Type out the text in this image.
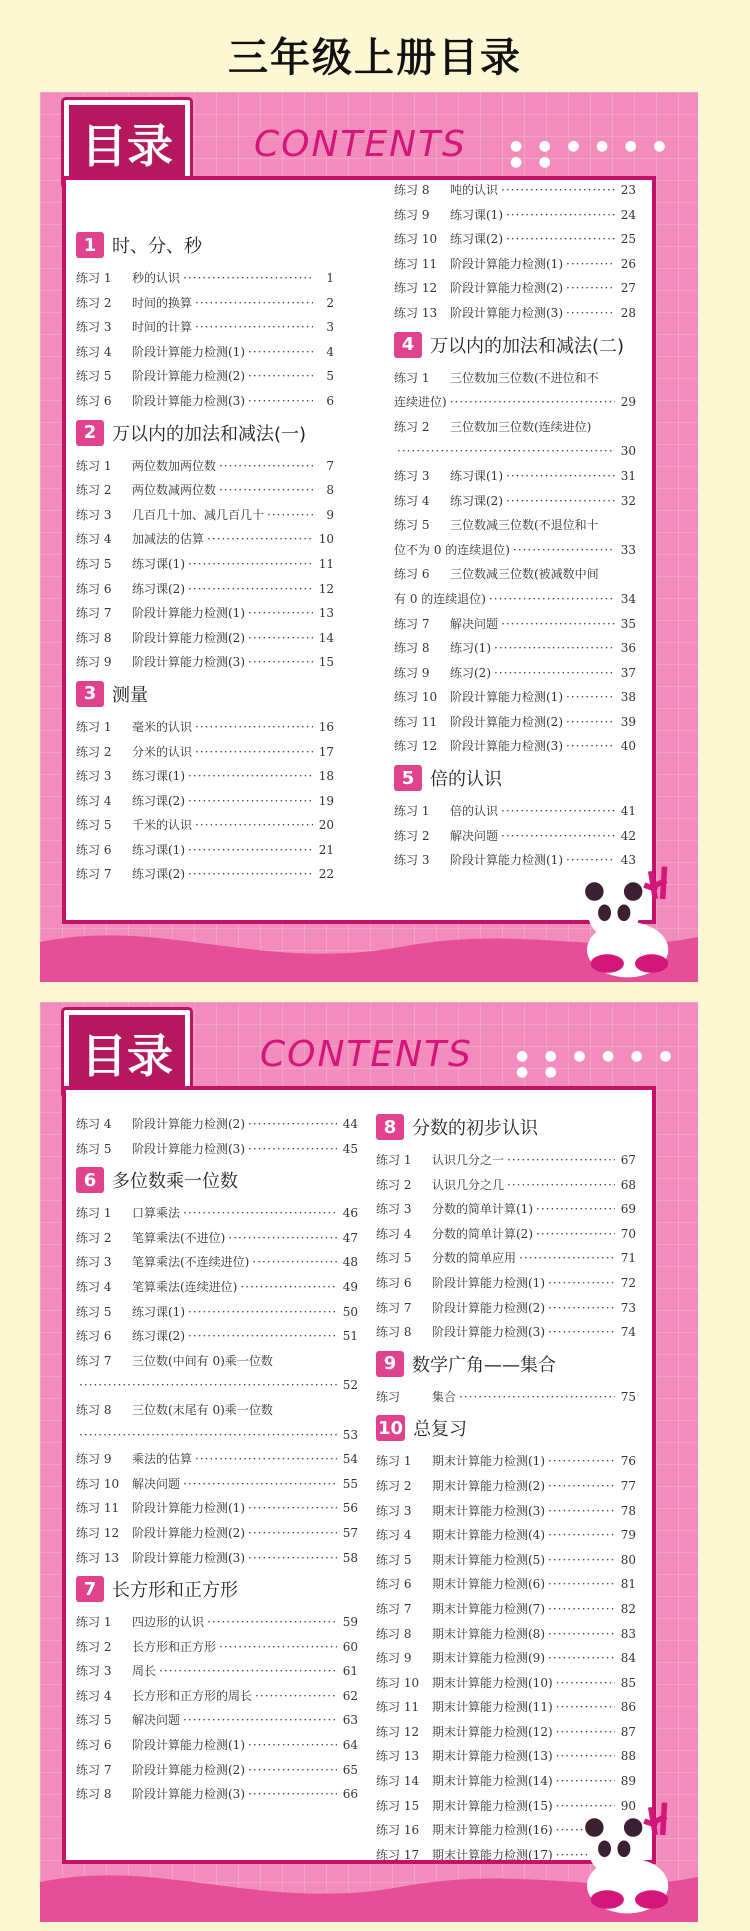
三年级上册目录
目录	CONTENTS	● ● ● ● ● ● ● ●
1 时、分、秒
练习 1	秒的认识 ·····	1
练习 2	时间的换算 ·····	2
练习 3	时间的计算 ·····	3
练习 4	阶段计算能力检测(1) ·····	4
练习 5	阶段计算能力检测(2) ·····	5
练习 6	阶段计算能力检测(3) ·····	6
2 万以内的加法和减法(一)
练习 1	两位数加两位数 ·····	7
练习 2	两位数减两位数 ·····	8
练习 3	几百几十加、减几百几十 ·····	9
练习 4	加减法的估算 ·····	10
练习 5	练习课(1) ·····	11
练习 6	练习课(2) ·····	12
练习 7	阶段计算能力检测(1) ·····	13
练习 8	阶段计算能力检测(2) ·····	14
练习 9	阶段计算能力检测(3) ·····	15
3 测量
练习 1	毫米的认识 ·····	16
练习 2	分米的认识 ·····	17
练习 3	练习课(1) ·····	18
练习 4	练习课(2) ·····	19
练习 5	千米的认识 ·····	20
练习 6	练习课(1) ·····	21
练习 7	练习课(2) ·····	22
练习 8	吨的认识 ·····	23
练习 9	练习课(1) ·····	24
练习 10	练习课(2) ·····	25
练习 11	阶段计算能力检测(1) ·····	26
练习 12	阶段计算能力检测(2) ·····	27
练习 13	阶段计算能力检测(3) ·····	28
4 万以内的加法和减法(二)
练习 1	三位数加三位数(不进位和不
连续进位) ·····	29
练习 2	三位数加三位数(连续进位)
·····
30
练习 3	练习课(1) ·····	31
练习 4	练习课(2) ·····	32
练习 5	三位数减三位数(不退位和十
位不为 0 的连续退位) ·····	33
练习 6	三位数减三位数(被减数中间
有 0 的连续退位) ·····	34
练习 7	解决问题 ·····	35
练习 8	练习(1) ·····	36
练习 9	练习(2) ·····	37
练习 10	阶段计算能力检测(1) ·····	38
练习 11	阶段计算能力检测(2) ·····	39
练习 12	阶段计算能力检测(3) ·····	40
5 倍的认识
练习 1	倍的认识 ·····	41
练习 2	解决问题 ·····	42
练习 3	阶段计算能力检测(1) ·····	43
目录	CONTENTS	● ● ● ● ● ● ● ●
练习 4	阶段计算能力检测(2) ·····	44
练习 5	阶段计算能力检测(3) ·····	45
6 多位数乘一位数
练习 1	口算乘法 ·····	46
练习 2	笔算乘法(不进位) ·····	47
练习 3	笔算乘法(不连续进位) ·····	48
练习 4	笔算乘法(连续进位) ·····	49
练习 5	练习课(1) ·····	50
练习 6	练习课(2) ·····	51
练习 7	三位数(中间有 0)乘一位数
·····
52
练习 8	三位数(末尾有 0)乘一位数
·····
53
练习 9	乘法的估算 ·····	54
练习 10	解决问题 ·····	55
练习 11	阶段计算能力检测(1) ·····	56
练习 12	阶段计算能力检测(2) ·····	57
练习 13	阶段计算能力检测(3) ·····	58
7 长方形和正方形
练习 1	四边形的认识 ·····	59
练习 2	长方形和正方形 ·····	60
练习 3	周长 ·····	61
练习 4	长方形和正方形的周长 ·····	62
练习 5	解决问题 ·····	63
练习 6	阶段计算能力检测(1) ·····	64
练习 7	阶段计算能力检测(2) ·····	65
练习 8	阶段计算能力检测(3) ·····	66
8 分数的初步认识
练习 1	认识几分之一 ·····	67
练习 2	认识几分之几 ·····	68
练习 3	分数的简单计算(1) ·····	69
练习 4	分数的简单计算(2) ·····	70
练习 5	分数的简单应用 ·····	71
练习 6	阶段计算能力检测(1) ·····	72
练习 7	阶段计算能力检测(2) ·····	73
练习 8	阶段计算能力检测(3) ·····	74
9 数学广角——集合
练习	集合 ·····	75
10 总复习
练习 1	期末计算能力检测(1) ·····	76
练习 2	期末计算能力检测(2) ·····	77
练习 3	期末计算能力检测(3) ·····	78
练习 4	期末计算能力检测(4) ·····	79
练习 5	期末计算能力检测(5) ·····	80
练习 6	期末计算能力检测(6) ·····	81
练习 7	期末计算能力检测(7) ·····	82
练习 8	期末计算能力检测(8) ·····	83
练习 9	期末计算能力检测(9) ·····	84
练习 10	期末计算能力检测(10) ·····	85
练习 11	期末计算能力检测(11) ·····	86
练习 12	期末计算能力检测(12) ·····	87
练习 13	期末计算能力检测(13) ·····	88
练习 14	期末计算能力检测(14) ·····	89
练习 15	期末计算能力检测(15) ·····	90
练习 16	期末计算能力检测(16)
·····
练习 17	期末计算能力检测(17)
·····
